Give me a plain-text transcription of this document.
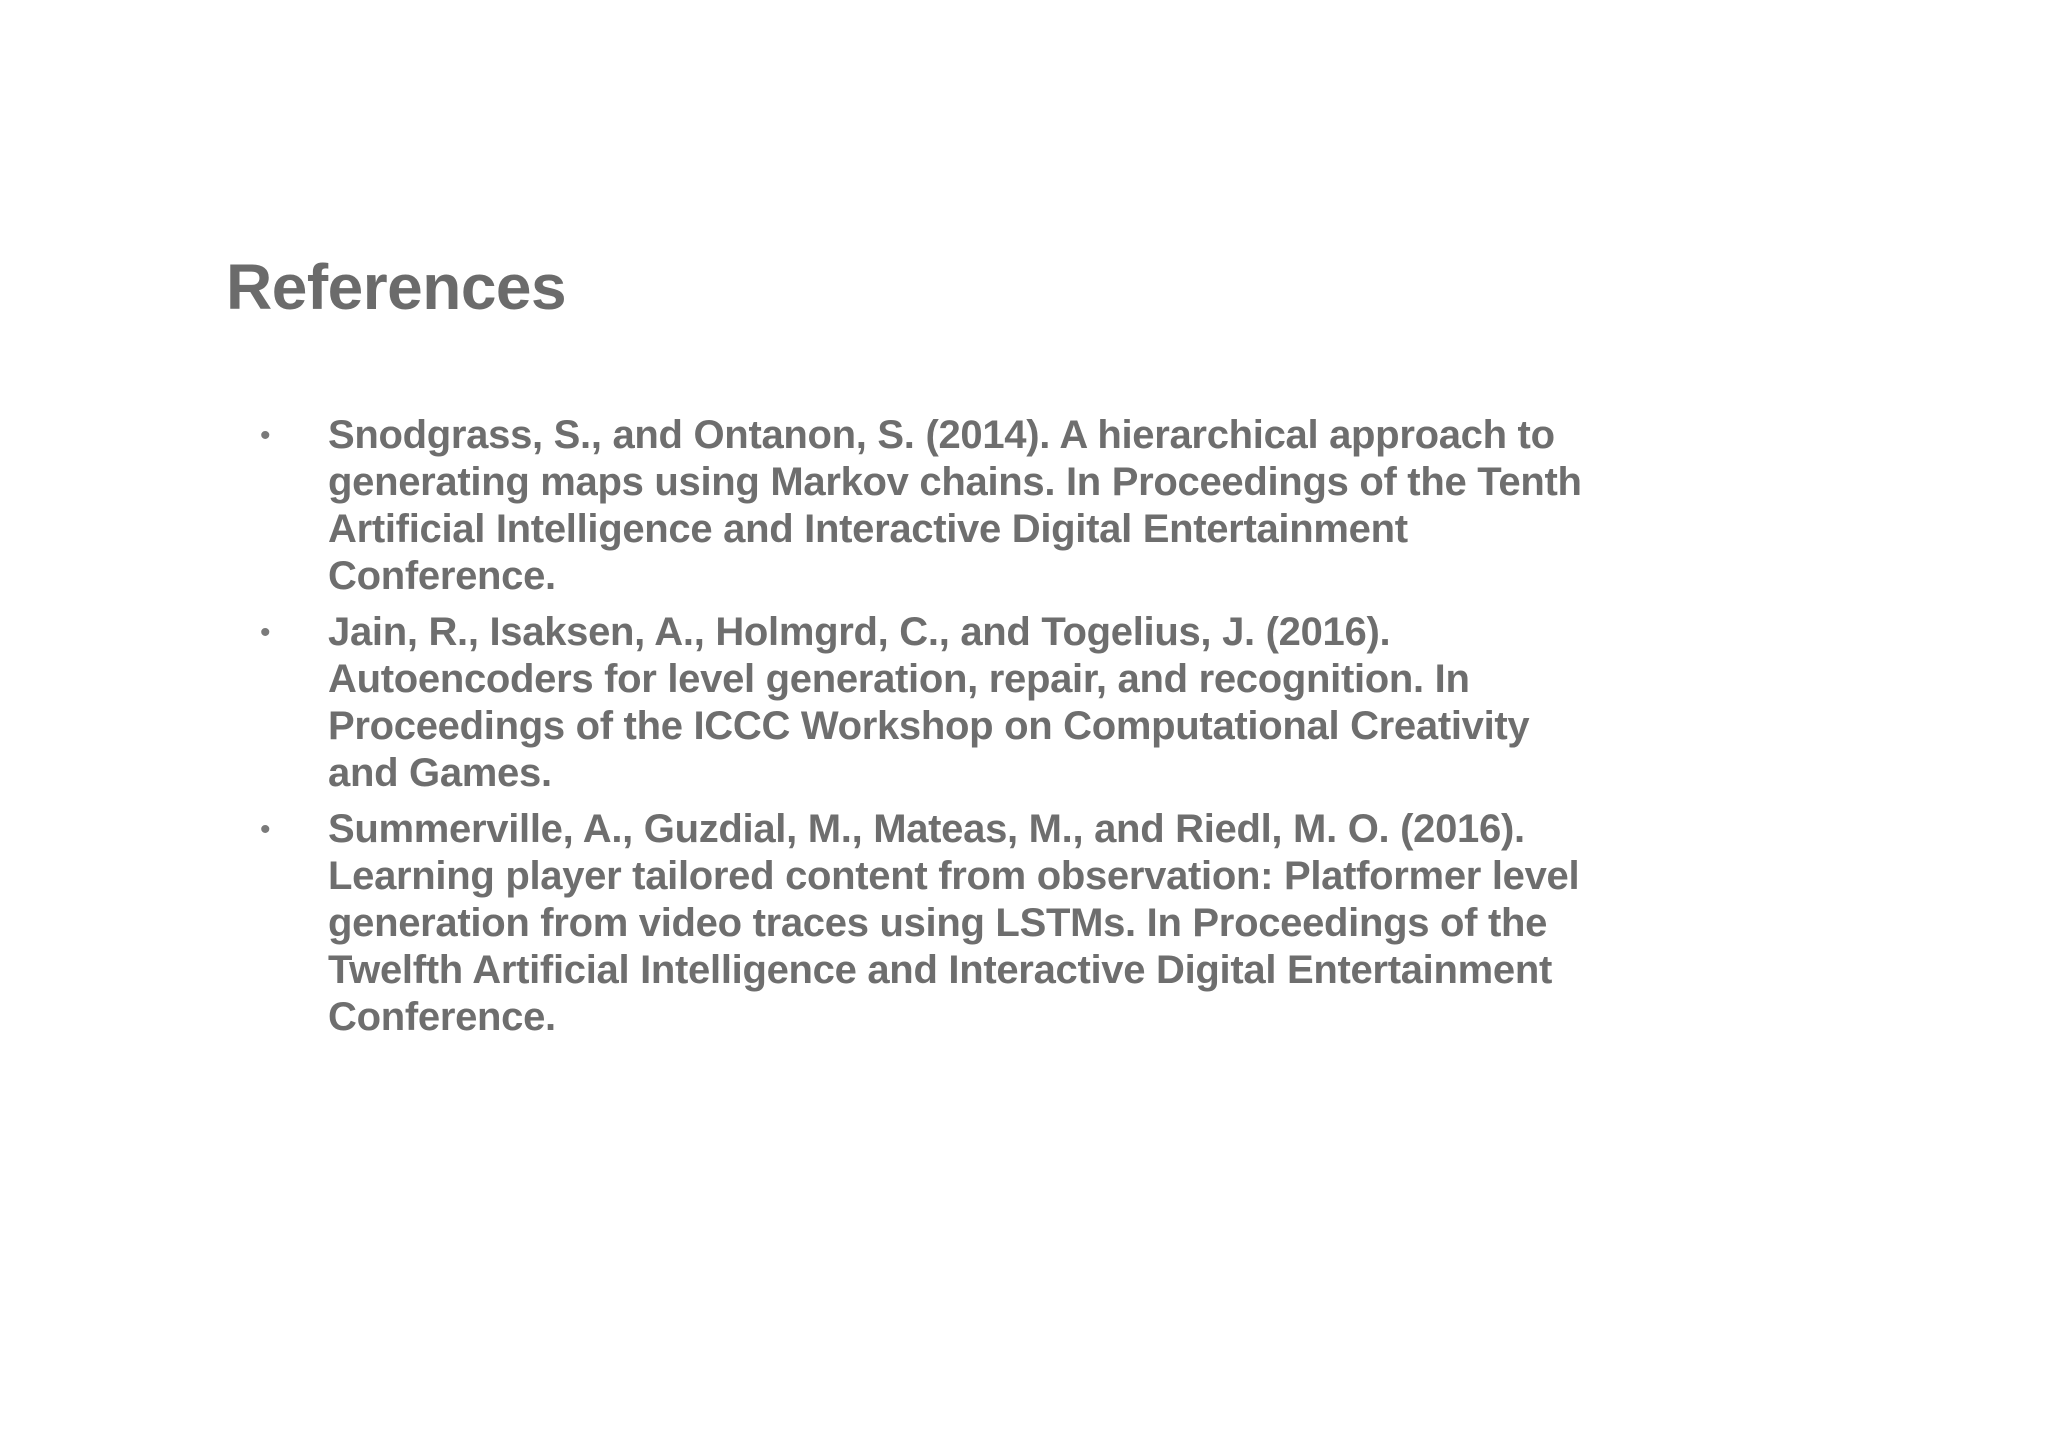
References
• Snodgrass, S., and Ontanon, S. (2014). A hierarchical approach to generating maps using Markov chains. In Proceedings of the Tenth Artificial Intelligence and Interactive Digital Entertainment Conference.
• Jain, R., Isaksen, A., Holmgrd, C., and Togelius, J. (2016). Autoencoders for level generation, repair, and recognition. In Proceedings of the ICCC Workshop on Computational Creativity and Games.
• Summerville, A., Guzdial, M., Mateas, M., and Riedl, M. O. (2016). Learning player tailored content from observation: Platformer level generation from video traces using LSTMs. In Proceedings of the Twelfth Artificial Intelligence and Interactive Digital Entertainment Conference.
